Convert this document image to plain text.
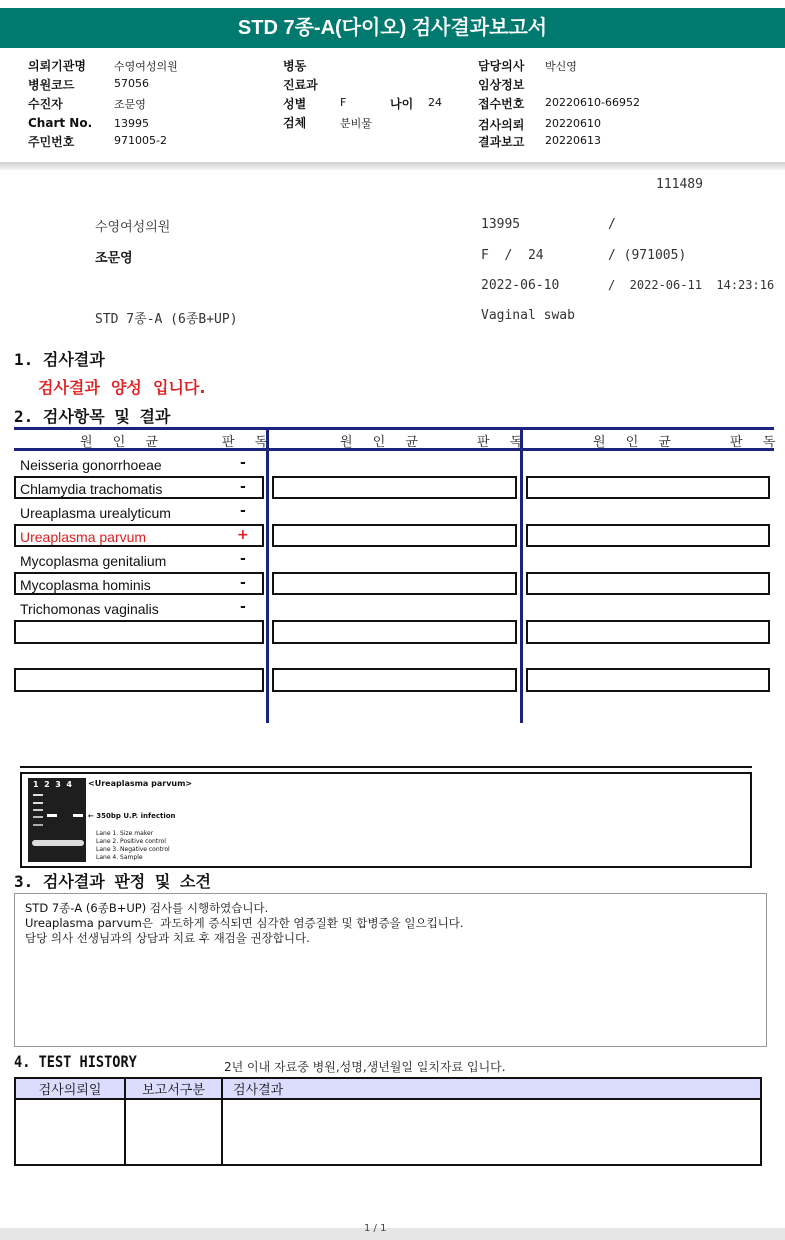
STD 7종-A(다이오) 검사결과보고서
의뢰기관명	수영여성의원
병원코드	57056
수진자	조문영
Chart No. 13995
주민번호	971005-2
병동
진료과
성별	F	나이 24
검체	분비물
담당의사 박신영
임상정보
접수번호 20220610-66952
검사의뢰 20220610
결과보고 20220613
111489
수영여성의원	13995	/
조문영	F  /  24	/ (971005)
2022-06-10	/  2022-06-11  14:23:16
STD 7종-A (6종B+UP)	Vaginal swab
1. 검사결과
검사결과  양성  입니다.
2. 검사항목 및 결과
원 인 균	판 독	원 인 균	판 독	원 인 균	판 독
Neisseria gonorrhoeae	-
Chlamydia trachomatis	-
Ureaplasma urealyticum	-
Ureaplasma parvum	+
Mycoplasma genitalium	-
Mycoplasma hominis	-
Trichomonas vaginalis	-
1  2  3  4 <Ureaplasma parvum>
← 350bp U.P. infection
Lane 1. Size maker
Lane 2. Positive control
Lane 3. Negative control
Lane 4. Sample
3. 검사결과 판정 및 소견
STD 7종-A (6종B+UP) 검사를 시행하였습니다.
Ureaplasma parvum은  과도하게 증식되면 심각한 염증질환 및 합병증을 일으킵니다.
담당 의사 선생님과의 상담과 치료 후 재검을 권장합니다.
4. TEST HISTORY	2년 이내 자료중 병원,성명,생년월일 일치자료 입니다.
검사의뢰일	보고서구분	검사결과

1 / 1
